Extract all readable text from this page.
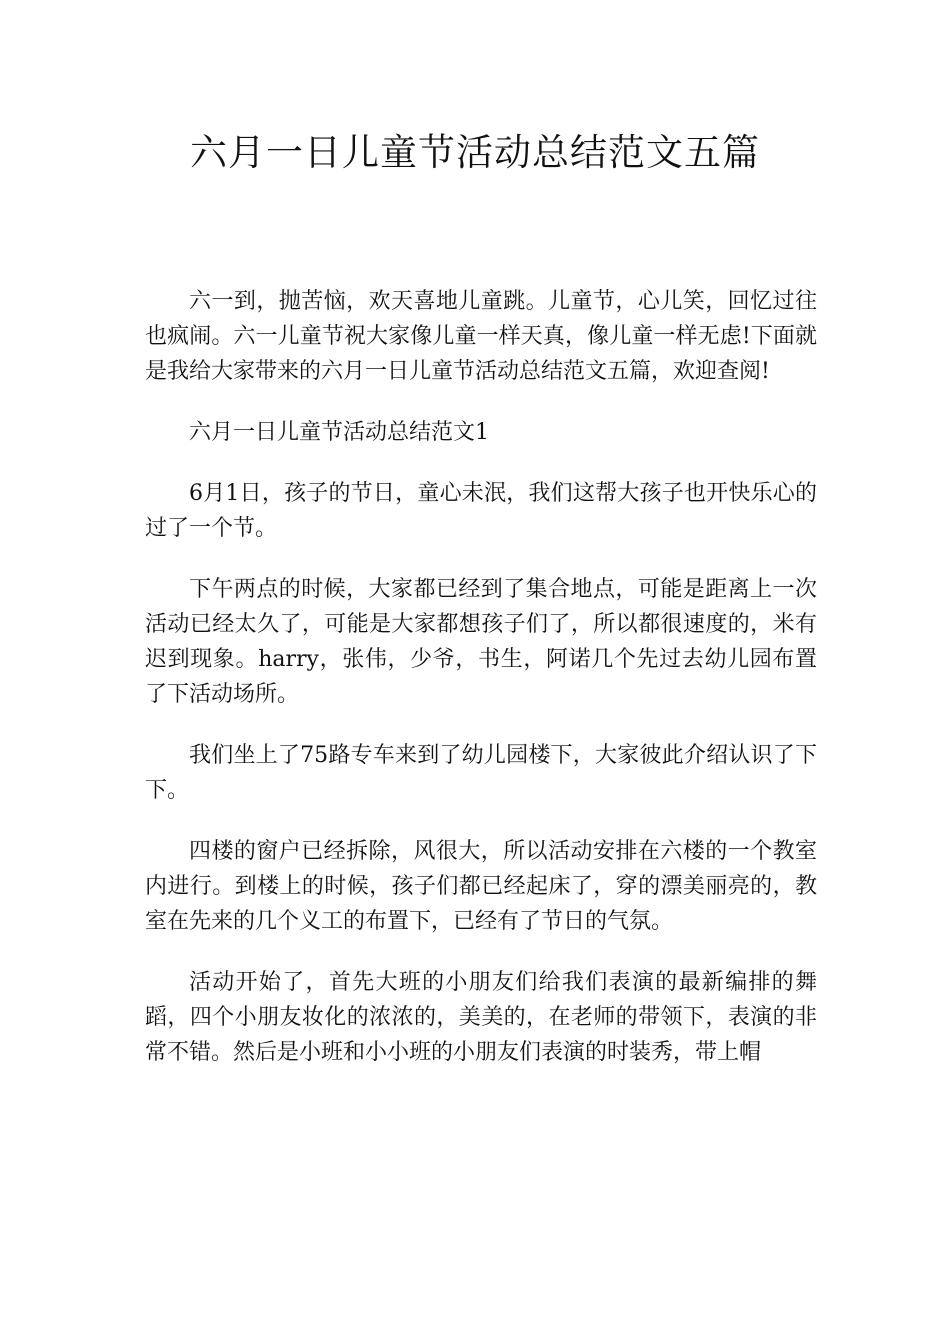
六月一日儿童节活动总结范文五篇

六一到，抛苦恼，欢天喜地儿童跳。儿童节，心儿笑，回忆过往也疯闹。六一儿童节祝大家像儿童一样天真，像儿童一样无虑!下面就是我给大家带来的六月一日儿童节活动总结范文五篇，欢迎查阅!

六月一日儿童节活动总结范文1

6月1日，孩子的节日，童心未泯，我们这帮大孩子也开快乐心的过了一个节。

下午两点的时候，大家都已经到了集合地点，可能是距离上一次活动已经太久了，可能是大家都想孩子们了，所以都很速度的，米有迟到现象。harry，张伟，少爷，书生，阿诺几个先过去幼儿园布置了下活动场所。

我们坐上了75路专车来到了幼儿园楼下，大家彼此介绍认识了下下。

四楼的窗户已经拆除，风很大，所以活动安排在六楼的一个教室内进行。到楼上的时候，孩子们都已经起床了，穿的漂美丽亮的，教室在先来的几个义工的布置下，已经有了节日的气氛。

活动开始了，首先大班的小朋友们给我们表演的最新编排的舞蹈，四个小朋友妆化的浓浓的，美美的，在老师的带领下，表演的非常不错。然后是小班和小小班的小朋友们表演的时装秀，带上帽
